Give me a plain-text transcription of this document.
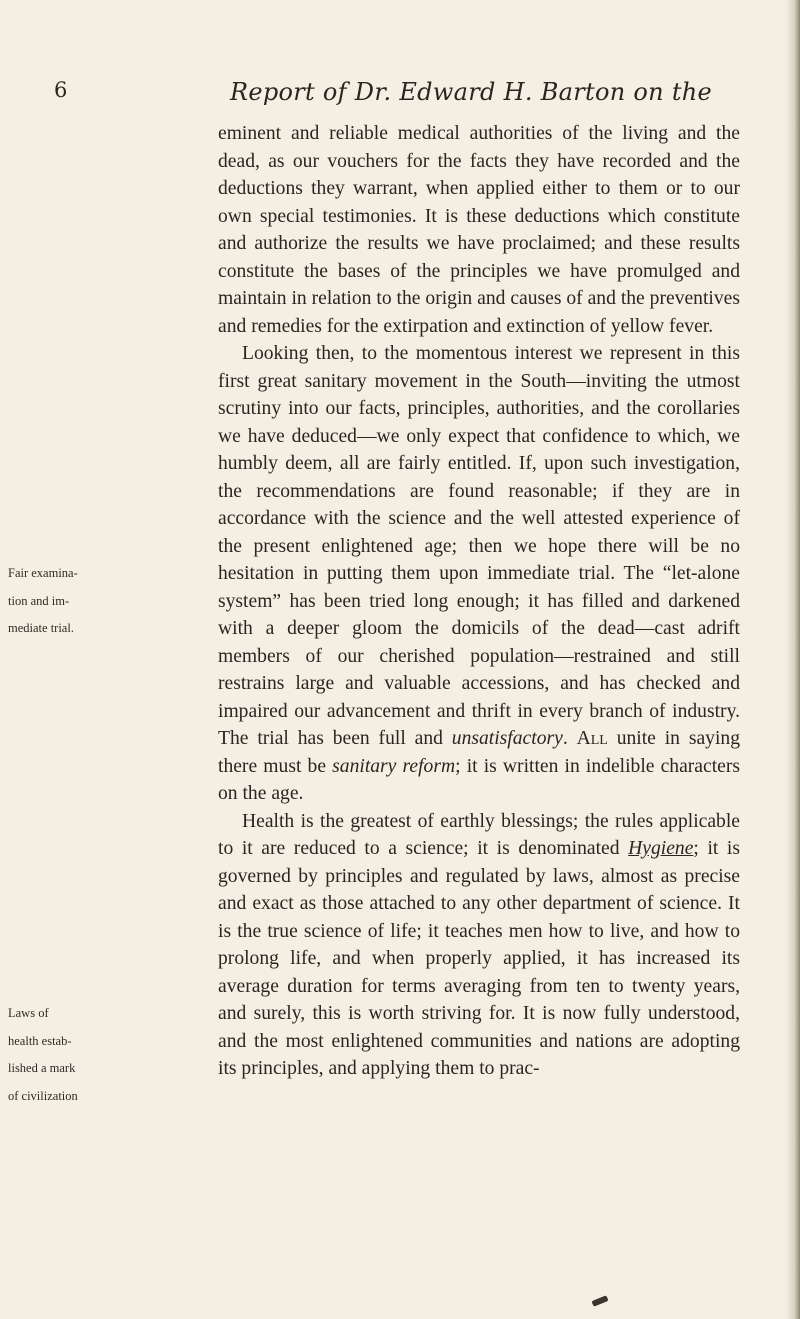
6	Report of Dr. Edward H. Barton on the

eminent and reliable medical authorities of the living and the dead, as our vouchers for the facts they have recorded and the deductions they warrant, when applied either to them or to our own special testimonies. It is these deductions which constitute and authorize the results we have proclaimed; and these results constitute the bases of the principles we have promulged and maintain in relation to the origin and causes of and the preventives and remedies for the extirpation and extinction of yellow fever.

Looking then, to the momentous interest we represent in this first great sanitary movement in the South—inviting the utmost scrutiny into our facts, principles, authorities, and the corollaries we have deduced—we only expect that confidence to which, we humbly deem, all are fairly entitled. If, upon such investigation, the recommendations are found reasonable; if they are in accordance with the science and the well attested experience of the present enlightened age; then we hope there will be no hesitation in putting them upon immediate trial. The “let-alone system” has been tried long enough; it has filled and darkened with a deeper gloom the domicils of the dead—cast adrift members of our cherished population—restrained and still restrains large and valuable accessions, and has checked and impaired our advancement and thrift in every branch of industry. The trial has been full and unsatisfactory. All unite in saying there must be sanitary reform; it is written in indelible characters on the age.

Health is the greatest of earthly blessings; the rules applicable to it are reduced to a science; it is denominated Hygiene; it is governed by principles and regulated by laws, almost as precise and exact as those attached to any other department of science. It is the true science of life; it teaches men how to live, and how to prolong life, and when properly applied, it has increased its average duration for terms averaging from ten to twenty years, and surely, this is worth striving for. It is now fully understood, and the most enlightened communities and nations are adopting its principles, and applying them to prac-

Fair examina-
tion and im-
mediate trial.
Laws of
health estab-
lished a mark
of civilization
